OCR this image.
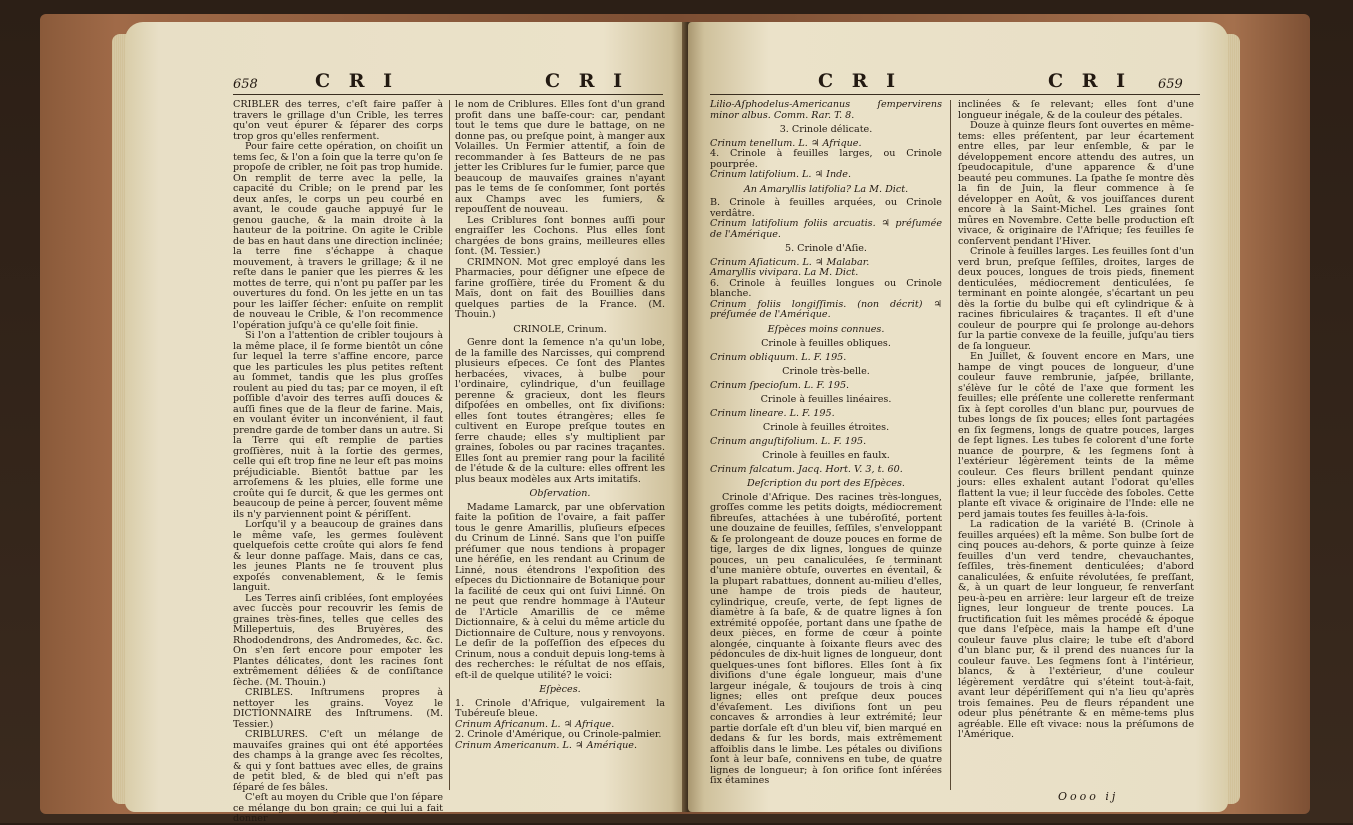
658	C R I	C R I

CRIBLER des terres, c'eſt faire paſſer à travers le grillage d'un Crible, les terres qu'on veut épurer & ſéparer des corps trop gros qu'elles renferment.

Pour faire cette opération, on choiſit un tems ſec, & l'on a ſoin que la terre qu'on ſe propoſe de cribler, ne ſoit pas trop humide. On remplit de terre avec la pelle, la capacité du Crible; on le prend par les deux anſes, le corps un peu courbé en avant, le coude gauche appuyé ſur le genou gauche, & la main droite à la hauteur de la poitrine. On agite le Crible de bas en haut dans une direction inclinée; la terre fine s'échappe à chaque mouvement, à travers le grillage; & il ne reſte dans le panier que les pierres & les mottes de terre, qui n'ont pu paſſer par les ouvertures du fond. On les jette en un tas pour les laiſſer ſécher: enſuite on remplit de nouveau le Crible, & l'on recommence l'opération juſqu'à ce qu'elle ſoit finie.

Si l'on a l'attention de cribler toujours à la même place, il ſe forme bientôt un cône ſur lequel la terre s'affine encore, parce que les particules les plus petites reſtent au ſommet, tandis que les plus groſſes roulent au pied du tas; par ce moyen, il eſt poſſible d'avoir des terres auſſi douces & auſſi fines que de la fleur de farine. Mais, en voulant éviter un inconvénient, il faut prendre garde de tomber dans un autre. Si la Terre qui eſt remplie de parties groſſières, nuit à la ſortie des germes, celle qui eſt trop fine ne leur eſt pas moins préjudiciable. Bientôt battue par les arroſemens & les pluies, elle forme une croûte qui ſe durcit, & que les germes ont beaucoup de peine à percer, ſouvent même ils n'y parviennent point & périſſent.

Lorſqu'il y a beaucoup de graines dans le même vaſe, les germes ſoulèvent quelquefois cette croûte qui alors ſe fend & leur donne paſſage. Mais, dans ce cas, les jeunes Plants ne ſe trouvent plus expoſés convenablement, & le ſemis languit.

Les Terres ainſi criblées, ſont employées avec ſuccès pour recouvrir les ſemis de graines très-fines, telles que celles des Millepertuis, des Bruyères, des Rhododendrons, des Andromedes, &c. &c. On s'en ſert encore pour empoter les Plantes délicates, dont les racines ſont extrêmement déliées & de conſiſtance ſèche. (M. Thouin.)

CRIBLES. Inſtrumens propres à nettoyer les grains. Voyez le DICTIONNAIRE des Inſtrumens. (M. Tessier.)

CRIBLURES. C'eſt un mélange de mauvaiſes graines qui ont été apportées des champs à la grange avec ſes récoltes, & qui y ſont battues avec elles, de grains de petit bled, & de bled qui n'eſt pas ſéparé de ſes bâles.

C'eſt au moyen du Crible que l'on ſépare ce mélange du bon grain; ce qui lui a fait donner

le nom de Criblures. Elles ſont d'un grand profit dans une baſſe-cour: car, pendant tout le tems que dure le battage, on ne donne pas, ou preſque point, à manger aux Volailles. Un Fermier attentif, a ſoin de recommander à ſes Batteurs de ne pas jetter les Criblures ſur le fumier, parce que beaucoup de mauvaiſes graines n'ayant pas le tems de ſe conſommer, ſont portés aux Champs avec les fumiers, & repouſſent de nouveau.

Les Criblures ſont bonnes auſſi pour engraiſſer les Cochons. Plus elles ſont chargées de bons grains, meilleures elles ſont. (M. Tessier.)

CRIMNON. Mot grec employé dans les Pharmacies, pour déſigner une eſpece de farine groſſière, tirée du Froment & du Maïs, dont on fait des Bouillies dans quelques parties de la France. (M. Thouin.)

CRINOLE, Crinum.

Genre dont la ſemence n'a qu'un lobe, de la famille des Narcisses, qui comprend plusieurs eſpeces. Ce ſont des Plantes herbacées, vivaces, à bulbe pour l'ordinaire, cylindrique, d'un feuillage perenne & gracieux, dont les fleurs diſpoſées en ombelles, ont ſix diviſions: elles ſont toutes étrangères; elles ſe cultivent en Europe preſque toutes en ſerre chaude; elles s'y multiplient par graines, ſoboles ou par racines traçantes. Elles ſont au premier rang pour la facilité de l'étude & de la culture: elles offrent les plus beaux modèles aux Arts imitatifs.

Obſervation.

Madame Lamarck, par une obſervation faite la poſition de l'ovaire, a fait paſſer tous le genre Amarillis, pluſieurs eſpeces du Crinum de Linné. Sans que l'on puiſſe préſumer que nous tendions à propager une héréſie, en les rendant au Crinum de Linné, nous étendrons l'expoſition des eſpeces du Dictionnaire de Botanique pour la facilité de ceux qui ont ſuivi Linné. On ne peut que rendre hommage à l'Auteur de l'Article Amarillis de ce même Dictionnaire, & à celui du même article du Dictionnaire de Culture, nous y renvoyons. Le deſir de la poſſeſſion des eſpeces du Crinum, nous a conduit depuis long-tems à des recherches: le réſultat de nos eſſais, eſt-il de quelque utilité? le voici:

Eſpèces.

1. Crinole d'Afrique, vulgairement la Tubéreuſe bleue.

Crinum Africanum. L. ♃ Afrique.

2. Crinole d'Amérique, ou Crinole-palmier.

Crinum Americanum. L. ♃ Amérique.

C R I	C R I 659

Lilio-Aſphodelus-Americanus ſempervirens minor albus. Comm. Rar. T. 8.

3. Crinole délicate.

Crinum tenellum. L. ♃ Afrique.

4. Crinole à feuilles larges, ou Crinole pourprée.

Crinum latifolium. L. ♃ Inde.

An Amaryllis latifolia? La M. Dict.

B. Crinole à feuilles arquées, ou Crinole verdâtre.

Crinum latifolium foliis arcuatis. ♃ préſumée de l'Amérique.

5. Crinole d'Aſie.

Crinum Aſiaticum. L. ♃ Malabar.

Amaryllis vivipara. La M. Dict.

6. Crinole à feuilles longues ou Crinole blanche.

Crinum foliis longiſſimis. (non décrit) ♃ préſumée de l'Amérique.

Eſpèces moins connues.

Crinole à feuilles obliques.

Crinum obliquum. L. F. 195.

Crinole très-belle.

Crinum ſpecioſum. L. F. 195.

Crinole à feuilles linéaires.

Crinum lineare. L. F. 195.

Crinole à feuilles étroites.

Crinum anguſtifolium. L. F. 195.

Crinole à feuilles en faulx.

Crinum falcatum. Jacq. Hort. V. 3, t. 60.

Deſcription du port des Eſpèces.

Crinole d'Afrique. Des racines très-longues, groſſes comme les petits doigts, médiocrement fibreuſes, attachées à une tubéroſité, portent une douzaine de feuilles, ſeſſiles, s'enveloppant & ſe prolongeant de douze pouces en forme de tige, larges de dix lignes, longues de quinze pouces, un peu canaliculées, ſe terminant d'une manière obtuſe, ouvertes en éventail, & la plupart rabattues, donnent au-milieu d'elles, une hampe de trois pieds de hauteur, cylindrique, creuſe, verte, de ſept lignes de diamètre à ſa baſe, & de quatre lignes à ſon extrémité oppoſée, portant dans une ſpathe de deux pièces, en forme de cœur à pointe alongée, cinquante à ſoixante fleurs avec des pédoncules de dix-huit lignes de longueur, dont quelques-unes ſont biflores. Elles ſont à ſix diviſions d'une égale longueur, mais d'une largeur inégale, & toujours de trois à cinq lignes; elles ont preſque deux pouces d'évaſement. Les diviſions ſont un peu concaves & arrondies à leur extrémité; leur partie dorſale eſt d'un bleu vif, bien marqué en dedans & ſur les bords, mais extrêmement affoiblis dans le limbe. Les pétales ou diviſions ſont à leur baſe, connivens en tube, de quatre lignes de longueur; à ſon orifice ſont inſérées ſix étamines

inclinées & ſe relevant; elles ſont d'une longueur inégale, & de la couleur des pétales.

Douze à quinze fleurs ſont ouvertes en même-tems: elles préſentent, par leur écartement entre elles, par leur enſemble, & par le développement encore attendu des autres, un ſpeudocapitule, d'une apparence & d'une beauté peu communes. La ſpathe ſe montre dès la fin de Juin, la fleur commence à ſe développer en Août, & vos jouiſſances durent encore à la Saint-Michel. Les graines ſont mûres en Novembre. Cette belle production eſt vivace, & originaire de l'Afrique; ſes feuilles ſe conſervent pendant l'Hiver.

Crinole à feuilles larges. Les feuilles ſont d'un verd brun, preſque ſeſſiles, droites, larges de deux pouces, longues de trois pieds, finement denticulées, médiocrement denticulées, ſe terminant en pointe alongée, s'écartant un peu dès la ſortie du bulbe qui eſt cylindrique & à racines fibriculaires & traçantes. Il eſt d'une couleur de pourpre qui ſe prolonge au-dehors ſur la partie convexe de la feuille, juſqu'au tiers de ſa longueur.

En Juillet, & ſouvent encore en Mars, une hampe de vingt pouces de longueur, d'une couleur fauve rembrunie, jaſpée, brillante, s'élève ſur le côté de l'axe que forment les feuilles; elle préſente une collerette renfermant ſix à ſept corolles d'un blanc pur, pourvues de tubes longs de ſix pouces; elles ſont partagées en ſix ſegmens, longs de quatre pouces, larges de ſept lignes. Les tubes ſe colorent d'une forte nuance de pourpre, & les ſegmens ſont à l'extérieur légèrement teints de la même couleur. Ces fleurs brillent pendant quinze jours: elles exhalent autant l'odorat qu'elles flattent la vue; il leur ſuccède des ſoboles. Cette plante eſt vivace & originaire de l'Inde: elle ne perd jamais toutes ſes feuilles à-la-fois.

La radication de la variété B. (Crinole à feuilles arquées) eſt la même. Son bulbe ſort de cinq pouces au-dehors, & porte quinze à ſeize feuilles d'un verd tendre, chevauchantes, ſeſſiles, très-finement denticulées; d'abord canaliculées, & enſuite révolutées, ſe preſſant, &, à un quart de leur longueur, ſe renverſant peu-à-peu en arrière: leur largeur eſt de treize lignes, leur longueur de trente pouces. La fructification ſuit les mêmes procédé & époque que dans l'eſpèce, mais la hampe eſt d'une couleur fauve plus claire; le tube eſt d'abord d'un blanc pur, & il prend des nuances ſur la couleur fauve. Les ſegmens ſont à l'intérieur, blancs, & à l'extérieur, d'une couleur légèrement verdâtre qui s'éteint tout-à-fait, avant leur dépériſſement qui n'a lieu qu'après trois ſemaines. Peu de fleurs répandent une odeur plus pénétrante & en même-tems plus agréable. Elle eſt vivace: nous la préſumons de l'Amérique.

Oooo ij
